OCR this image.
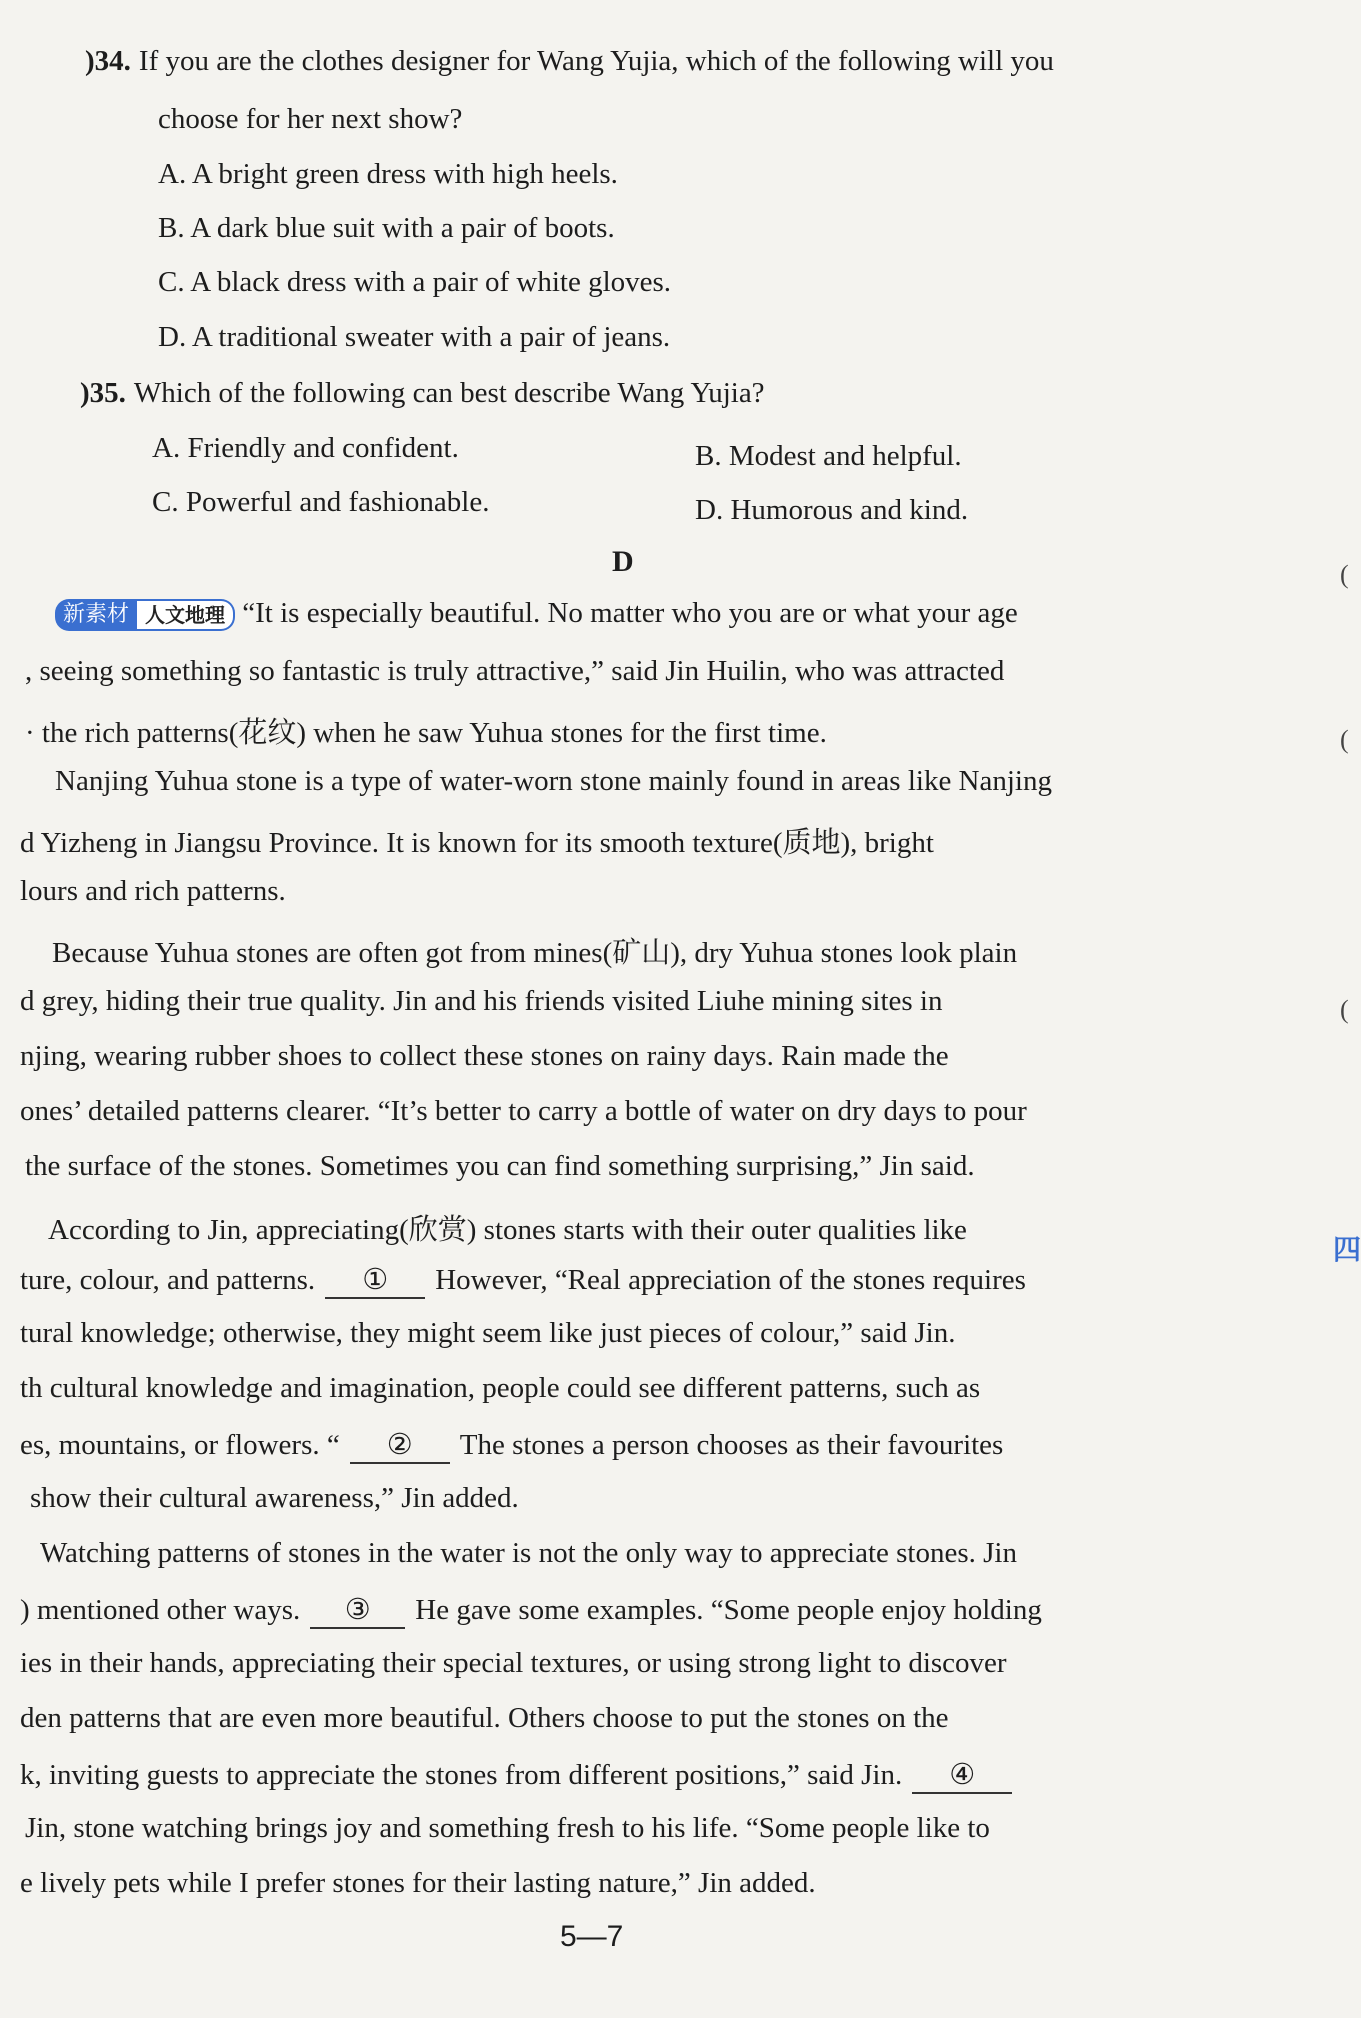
)34. If you are the clothes designer for Wang Yujia, which of the following will you
choose for her next show?
A. A bright green dress with high heels.
B. A dark blue suit with a pair of boots.
C. A black dress with a pair of white gloves.
D. A traditional sweater with a pair of jeans.
)35. Which of the following can best describe Wang Yujia?
A. Friendly and confident.	B. Modest and helpful.
C. Powerful and fashionable.	D. Humorous and kind.
D
新素材 人文地理 “It is especially beautiful. No matter who you are or what your age
, seeing something so fantastic is truly attractive,” said Jin Huilin, who was attracted
· the rich patterns(花纹) when he saw Yuhua stones for the first time.
Nanjing Yuhua stone is a type of water-worn stone mainly found in areas like Nanjing
d Yizheng in Jiangsu Province. It is known for its smooth texture(质地), bright
lours and rich patterns.
Because Yuhua stones are often got from mines(矿山), dry Yuhua stones look plain
d grey, hiding their true quality. Jin and his friends visited Liuhe mining sites in
njing, wearing rubber shoes to collect these stones on rainy days. Rain made the
ones’ detailed patterns clearer. “It’s better to carry a bottle of water on dry days to pour
the surface of the stones. Sometimes you can find something surprising,” Jin said.
According to Jin, appreciating(欣赏) stones starts with their outer qualities like
ture, colour, and patterns. ① However, “Real appreciation of the stones requires
tural knowledge; otherwise, they might seem like just pieces of colour,” said Jin.
th cultural knowledge and imagination, people could see different patterns, such as
es, mountains, or flowers. “ ② The stones a person chooses as their favourites
show their cultural awareness,” Jin added.
Watching patterns of stones in the water is not the only way to appreciate stones. Jin
) mentioned other ways. ③ He gave some examples. “Some people enjoy holding
ies in their hands, appreciating their special textures, or using strong light to discover
den patterns that are even more beautiful. Others choose to put the stones on the
k, inviting guests to appreciate the stones from different positions,” said Jin. ④
Jin, stone watching brings joy and something fresh to his life. “Some people like to
e lively pets while I prefer stones for their lasting nature,” Jin added.
5—7
(
(
(
四
